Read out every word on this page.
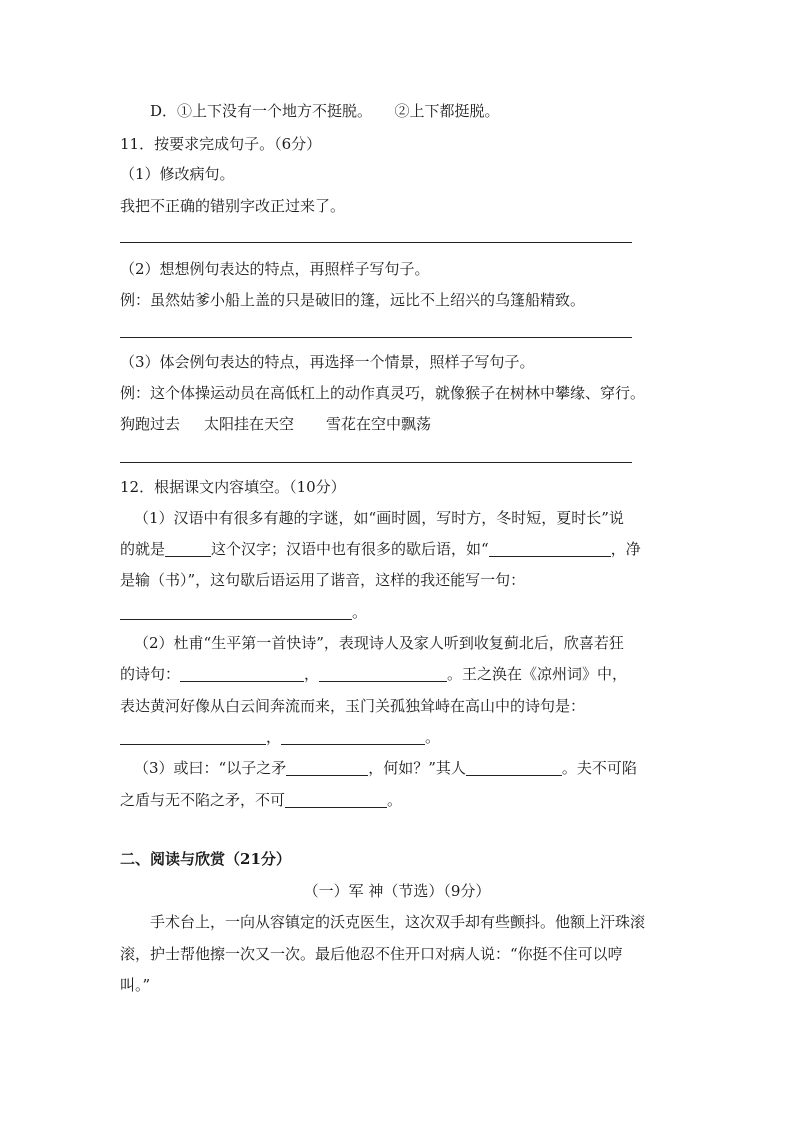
D．①上下没有一个地方不挺脱。　　②上下都挺脱。
11．按要求完成句子。（6分）
（1）修改病句。
我把不正确的错别字改正过来了。
（2）想想例句表达的特点，再照样子写句子。
例：虽然姑爹小船上盖的只是破旧的篷，远比不上绍兴的乌篷船精致。
（3）体会例句表达的特点，再选择一个情景，照样子写句子。
例：这个体操运动员在高低杠上的动作真灵巧，就像猴子在树林中攀缘、穿行。
狗跑过去 太阳挂在天空 雪花在空中飘荡
12．根据课文内容填空。（10分）
（1）汉语中有很多有趣的字谜，如“画时圆，写时方，冬时短，夏时长”说
的就是	这个汉字；汉语中也有很多的歇后语，如“	，净
是输（书）”，这句歇后语运用了谐音，这样的我还能写一句：
。
（2）杜甫“生平第一首快诗”，表现诗人及家人听到收复蓟北后，欣喜若狂
的诗句：	，	。王之涣在《凉州词》中，
表达黄河好像从白云间奔流而来，玉门关孤独耸峙在高山中的诗句是：
，	。
（3）或曰：“以子之矛	，何如？”其人	。夫不可陷
之盾与无不陷之矛，不可	。
二、阅读与欣赏（21分）
（一）军 神（节选）（9分）
手术台上，一向从容镇定的沃克医生，这次双手却有些颤抖。他额上汗珠滚
滚，护士帮他擦一次又一次。最后他忍不住开口对病人说：“你挺不住可以哼
叫。”
